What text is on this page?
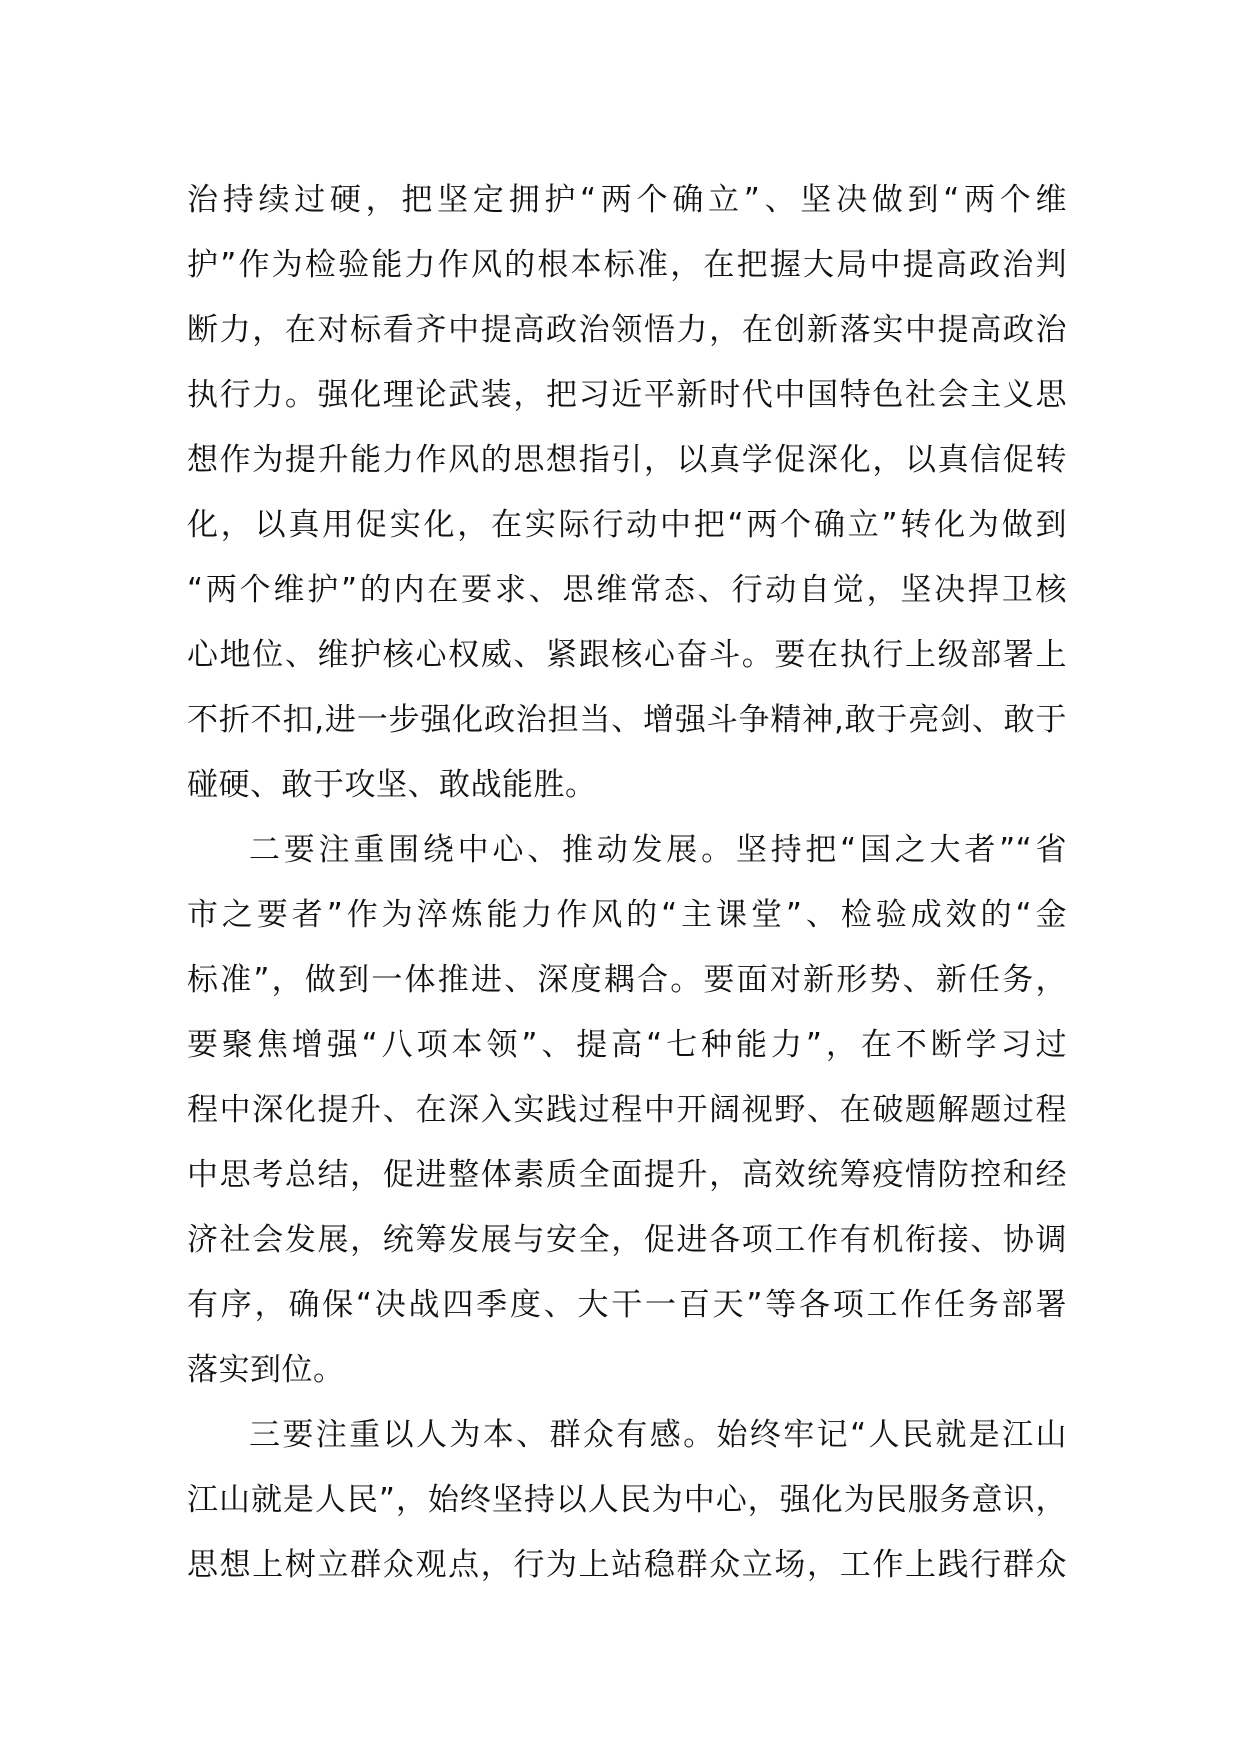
治持续过硬，把坚定拥护“两个确立”、坚决做到“两个维
护”作为检验能力作风的根本标准，在把握大局中提高政治判
断力，在对标看齐中提高政治领悟力，在创新落实中提高政治
执行力。强化理论武装，把习近平新时代中国特色社会主义思
想作为提升能力作风的思想指引，以真学促深化，以真信促转
化，以真用促实化，在实际行动中把“两个确立”转化为做到
“两个维护”的内在要求、思维常态、行动自觉，坚决捍卫核
心地位、维护核心权威、紧跟核心奋斗。要在执行上级部署上
不折不扣,进一步强化政治担当、增强斗争精神,敢于亮剑、敢于
碰硬、敢于攻坚、敢战能胜。
二要注重围绕中心、推动发展。坚持把“国之大者”“省
市之要者”作为淬炼能力作风的“主课堂”、检验成效的“金
标准”，做到一体推进、深度耦合。要面对新形势、新任务，
要聚焦增强“八项本领”、提高“七种能力”，在不断学习过
程中深化提升、在深入实践过程中开阔视野、在破题解题过程
中思考总结，促进整体素质全面提升，高效统筹疫情防控和经
济社会发展，统筹发展与安全，促进各项工作有机衔接、协调
有序，确保“决战四季度、大干一百天”等各项工作任务部署
落实到位。
三要注重以人为本、群众有感。始终牢记“人民就是江山
江山就是人民”，始终坚持以人民为中心，强化为民服务意识，
思想上树立群众观点，行为上站稳群众立场，工作上践行群众
